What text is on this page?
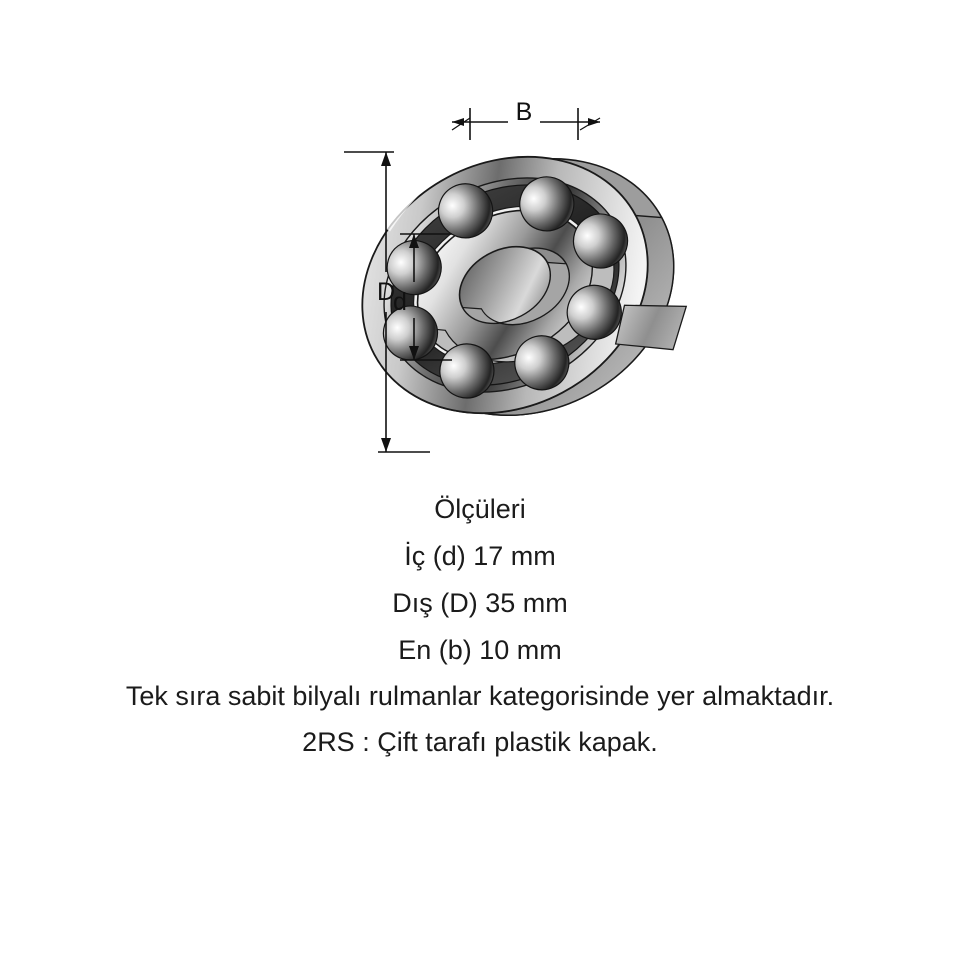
B
D
d
Ölçüleri
İç (d) 17 mm
Dış (D) 35 mm
En (b) 10 mm
Tek sıra sabit bilyalı rulmanlar kategorisinde yer almaktadır.
2RS : Çift tarafı plastik kapak.
